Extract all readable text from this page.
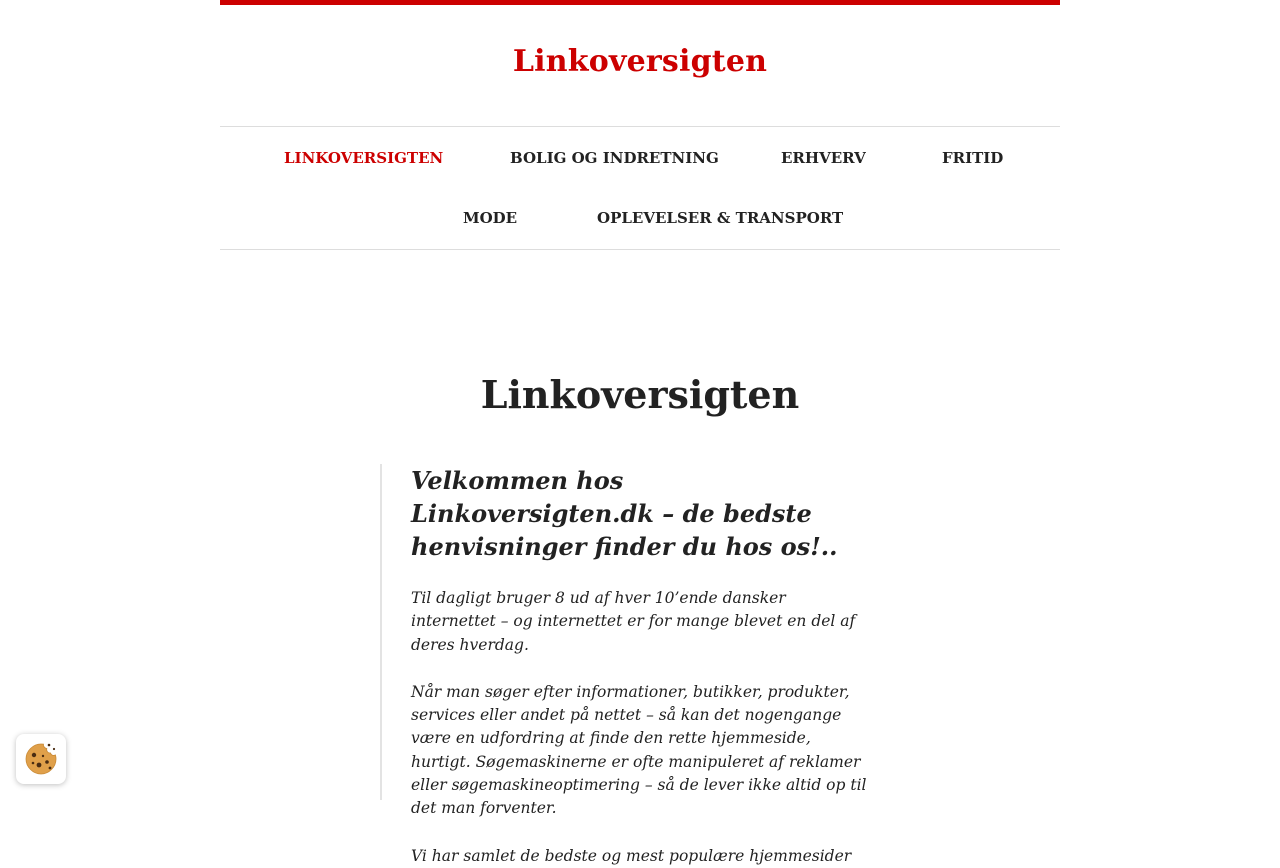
Linkoversigten
LINKOVERSIGTEN	BOLIG OG INDRETNING	ERHVERV	FRITID
MODE	OPLEVELSER & TRANSPORT
Linkoversigten
Velkommen hos Linkoversigten.dk – de bedste henvisninger finder du hos os!..

Til dagligt bruger 8 ud af hver 10’ende dansker internettet – og internettet er for mange blevet en del af deres hverdag.

Når man søger efter informationer, butikker, produkter, services eller andet på nettet – så kan det nogengange være en udfordring at finde den rette hjemmeside, hurtigt. Søgemaskinerne er ofte manipuleret af reklamer eller søgemaskineoptimering – så de lever ikke altid op til det man forventer.

Vi har samlet de bedste og mest populære hjemmesider
